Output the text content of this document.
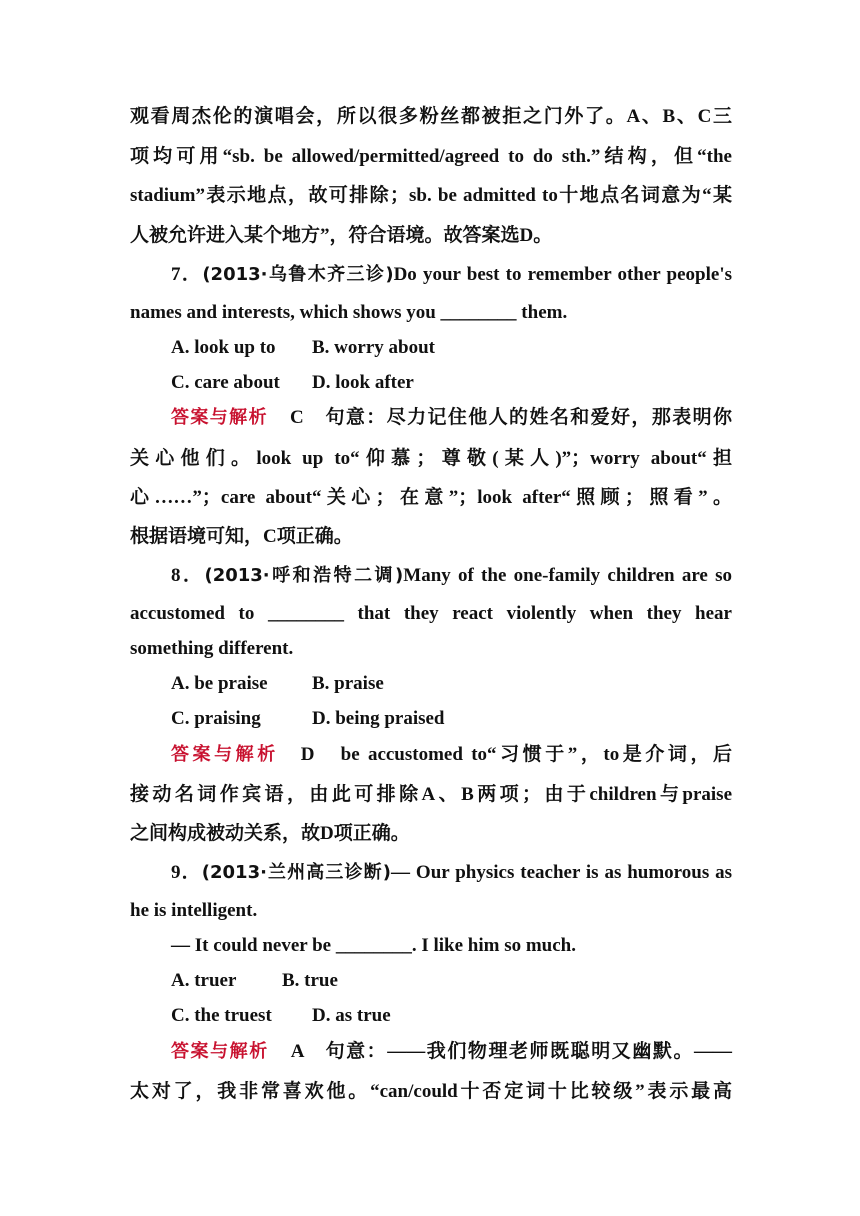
观看周杰伦的演唱会，所以很多粉丝都被拒之门外了。A、B、C三
项均可用“sb. be allowed/permitted/agreed to do sth.”结构，但“the
stadium”表示地点，故可排除；sb. be admitted to十地点名词意为“某
人被允许进入某个地方”，符合语境。故答案选D。
7．(2013·乌鲁木齐三诊)Do your best to remember other people's
names and interests, which shows you ________ them.
A. look up to B. worry about
C. care about D. look after
答案与解析 C　句意：尽力记住他人的姓名和爱好，那表明你
关心他们。look up to“仰慕；尊敬(某人)”；worry about“担
心……”；care about“关心；在意”；look after“照顾；照看”。
根据语境可知，C项正确。
8．(2013·呼和浩特二调)Many of the one-family children are so
accustomed to ________ that they react violently when they hear
something different.
A. be praise B. praise
C. praising	D. being praised
答案与解析 D　be accustomed to“习惯于”，to是介词，后
接动名词作宾语，由此可排除A、B两项；由于children与praise
之间构成被动关系，故D项正确。
9．(2013·兰州高三诊断)— Our physics teacher is as humorous as
he is intelligent.
— It could never be ________. I like him so much.
A. truer B. true
C. the truest D. as true
答案与解析 A　句意：——我们物理老师既聪明又幽默。——
太对了，我非常喜欢他。“can/could十否定词十比较级”表示最高
